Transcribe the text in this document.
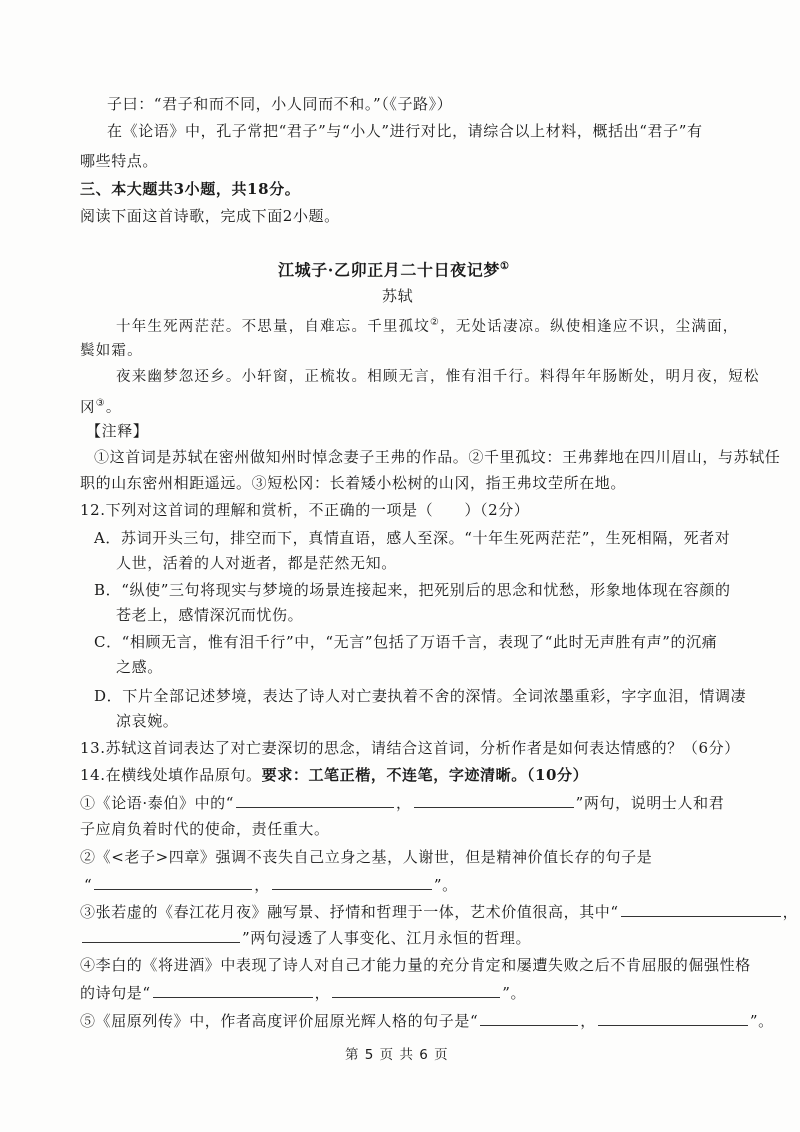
子曰：“君子和而不同，小人同而不和。”（《子路》）
在《论语》中，孔子常把“君子”与“小人”进行对比，请综合以上材料，概括出“君子”有
哪些特点。
三、本大题共3小题，共18分。
阅读下面这首诗歌，完成下面2小题。
江城子·乙卯正月二十日夜记梦①
苏轼
十年生死两茫茫。不思量，自难忘。千里孤坟②，无处话凄凉。纵使相逢应不识，尘满面，
鬓如霜。
夜来幽梦忽还乡。小轩窗，正梳妆。相顾无言，惟有泪千行。料得年年肠断处，明月夜，短松
冈③。
【注释】
①这首词是苏轼在密州做知州时悼念妻子王弗的作品。②千里孤坟：王弗葬地在四川眉山，与苏轼任
职的山东密州相距遥远。③短松冈：长着矮小松树的山冈，指王弗坟茔所在地。
12.下列对这首词的理解和赏析，不正确的一项是（　　）（2分）
A．苏词开头三句，排空而下，真情直语，感人至深。“十年生死两茫茫”，生死相隔，死者对
人世，活着的人对逝者，都是茫然无知。
B．“纵使”三句将现实与梦境的场景连接起来，把死别后的思念和忧愁，形象地体现在容颜的
苍老上，感情深沉而忧伤。
C．“相顾无言，惟有泪千行”中，“无言”包括了万语千言，表现了“此时无声胜有声”的沉痛
之感。
D．下片全部记述梦境，表达了诗人对亡妻执着不舍的深情。全词浓墨重彩，字字血泪，情调凄
凉哀婉。
13.苏轼这首词表达了对亡妻深切的思念，请结合这首词，分析作者是如何表达情感的？（6分）
14.在横线处填作品原句。要求：工笔正楷，不连笔，字迹清晰。（10分）
①《论语·泰伯》中的“	，	”两句，说明士人和君
子应肩负着时代的使命，责任重大。
②《<老子>四章》强调不丧失自己立身之基，人谢世，但是精神价值长存的句子是
“	，	”。
③张若虚的《春江花月夜》融写景、抒情和哲理于一体，艺术价值很高，其中“	，
”两句浸透了人事变化、江月永恒的哲理。
④李白的《将进酒》中表现了诗人对自己才能力量的充分肯定和屡遭失败之后不肯屈服的倔强性格
的诗句是“	，	”。
⑤《屈原列传》中，作者高度评价屈原光辉人格的句子是“	，	”。
第 5 页 共 6 页
